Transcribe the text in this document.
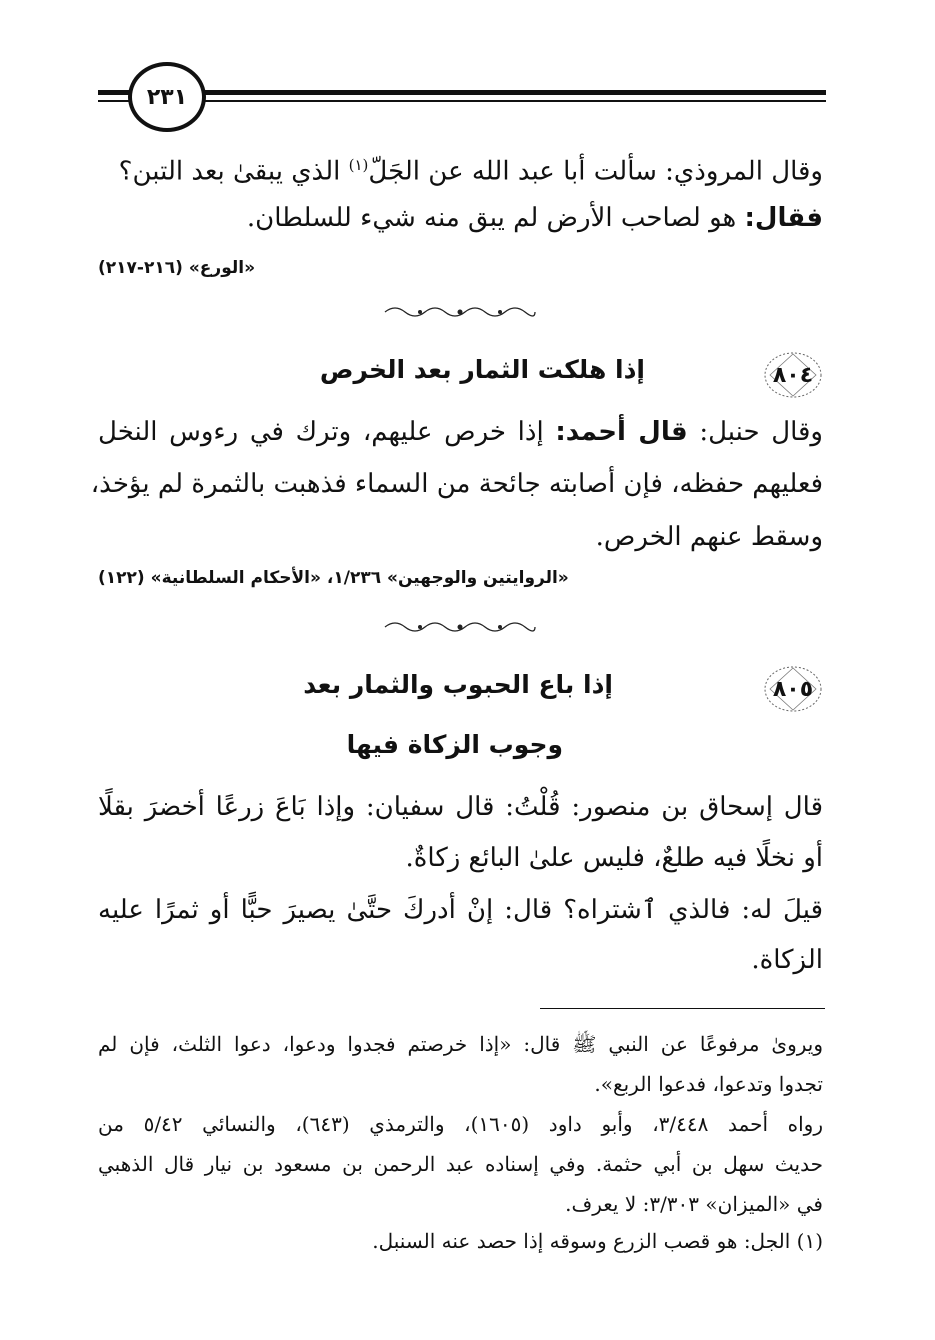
٢٣١
وقال المروذي: سألت أبا عبد الله عن الجَلّ$^{(١)}$ الذي يبقىٰ بعد التبن؟
فقال: هو لصاحب الأرض لم يبق منه شيء للسلطان.
«الورع» (٢١٦-٢١٧)
٨٠٤
إذا هلكت الثمار بعد الخرص
وقال حنبل: قال أحمد: إذا خرص عليهم، وترك في رءوس النخل
فعليهم حفظه، فإن أصابته جائحة من السماء فذهبت بالثمرة لم يؤخذ،
وسقط عنهم الخرص.
«الروايتين والوجهين» ١/٢٣٦، «الأحكام السلطانية» (١٢٢)
٨٠٥
إذا باع الحبوب والثمار بعد
وجوب الزكاة فيها
قال إسحاق بن منصور: قُلْتُ: قال سفيان: وإذا بَاعَ زرعًا أخضرَ بقلًا
أو نخلًا فيه طلعٌ، فليس علىٰ البائع زكاةٌ.
قيلَ له: فالذي ٱشتراه؟ قال: إنْ أدركَ حتَّىٰ يصيرَ حبًّا أو ثمرًا عليه
الزكاة.
ويرویٰ مرفوعًا عن النبي ﷺ قال: «إذا خرصتم فجدوا ودعوا، دعوا الثلث، فإن لم
تجدوا وتدعوا، فدعوا الربع».
رواه أحمد ٣/٤٤٨، وأبو داود (١٦٠٥)، والترمذي (٦٤٣)، والنسائي ٥/٤٢ من
حديث سهل بن أبي حثمة. وفي إسناده عبد الرحمن بن مسعود بن نيار قال الذهبي
في «الميزان» ٣/٣٠٣: لا يعرف.
(١) الجل: هو قصب الزرع وسوقه إذا حصد عنه السنبل.
